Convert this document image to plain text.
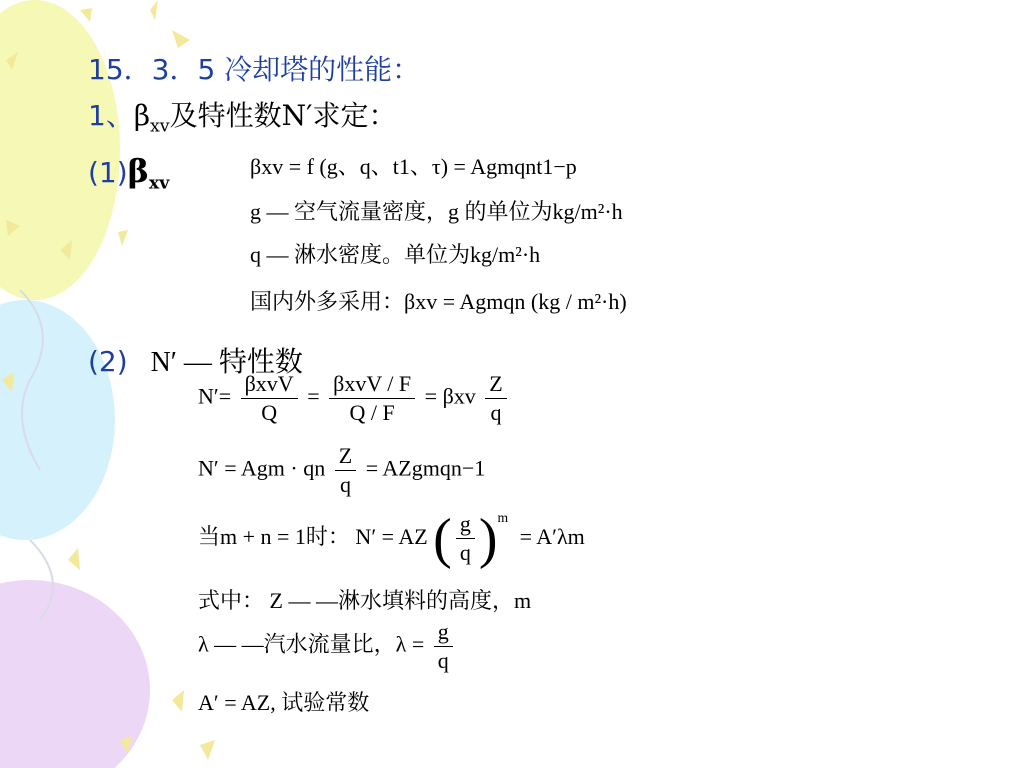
15．3．5 冷却塔的性能：
1、$\beta_{xv}$及特性数N′求定：
$(1)\beta_{xv}$
βxv = f (g、q、t1、τ) = Agmqnt1−p
g — 空气流量密度，g 的单位为kg/m²·h
q — 淋水密度。单位为kg/m²·h
国内外多采用：βxv = Agmqn (kg / m²·h)
(2) N′ — 特性数
$N'= \frac{\text{βxvV}}{Q} = \frac{\text{βxvV / F}}{Q / F} = \beta xv \frac{Z}{q}$
N′ = Agm · qn $\frac{Z}{q}$ = AZgmqn−1
当m + n = 1时： N′ = AZ ( $\frac{g}{q} )^m = A'\lambda m$
式中： Z — —淋水填料的高度，m
λ — —汽水流量比，$\lambda = \frac{g}{q}$
A′ = AZ, 试验常数
